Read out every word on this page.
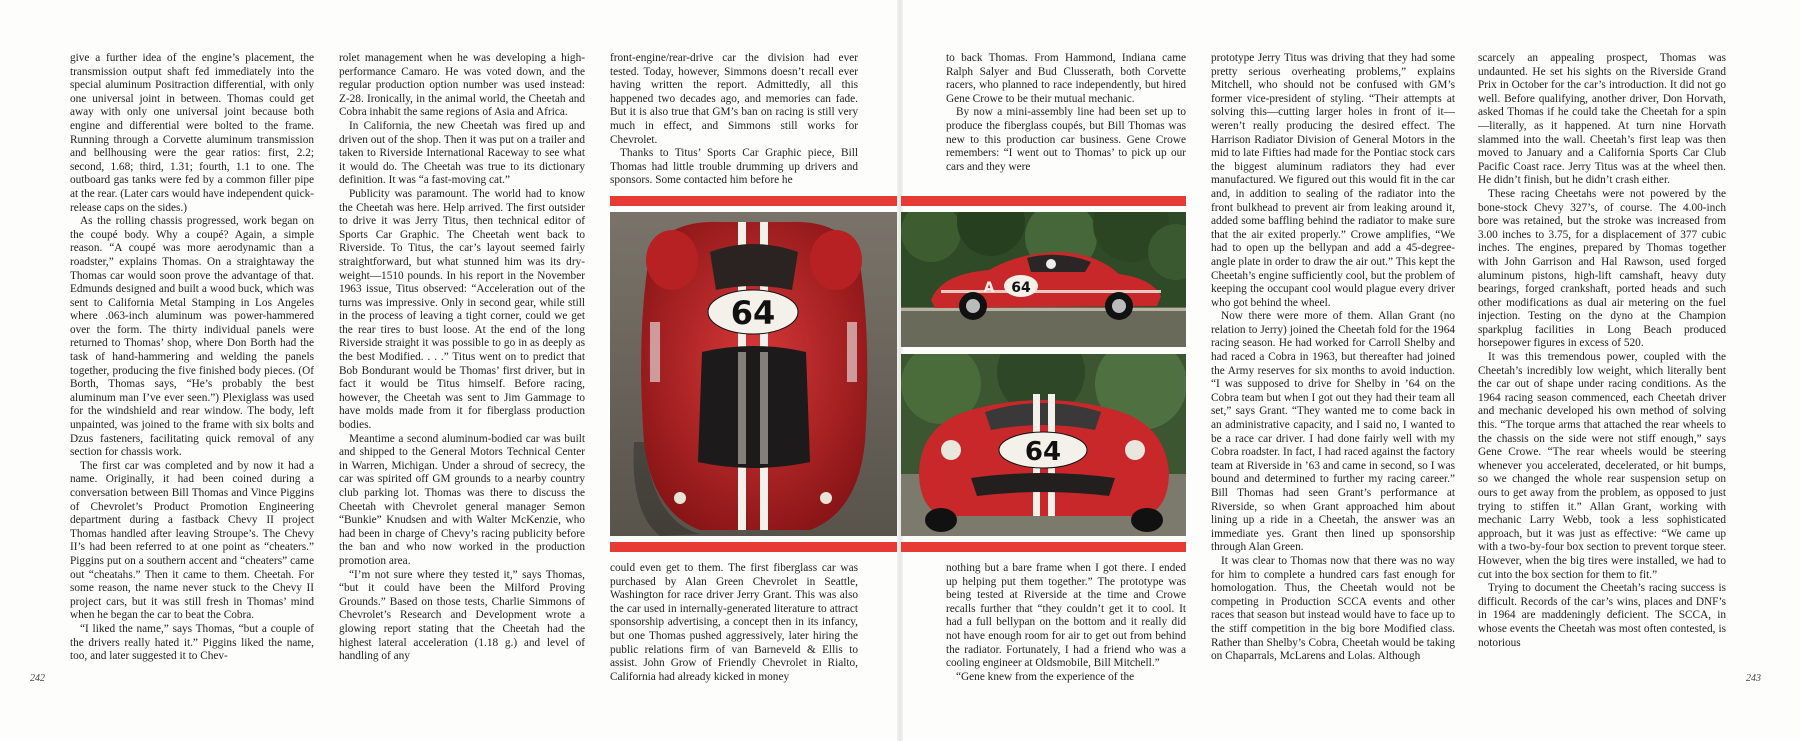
give a further idea of the engine’s placement, the transmission output shaft fed immediately into the special aluminum Positraction differential, with only one universal joint in between. Thomas could get away with only one universal joint because both engine and differential were bolted to the frame. Running through a Corvette aluminum transmission and bellhousing were the gear ratios: first, 2.2; second, 1.68; third, 1.31; fourth, 1.1 to one. The outboard gas tanks were fed by a common filler pipe at the rear. (Later cars would have independent quick-release caps on the sides.)

As the rolling chassis progressed, work began on the coupé body. Why a coupé? Again, a simple reason. “A coupé was more aerodynamic than a roadster,” explains Thomas. On a straightaway the Thomas car would soon prove the advantage of that. Edmunds designed and built a wood buck, which was sent to California Metal Stamping in Los Angeles where .063-inch aluminum was power-hammered over the form. The thirty individual panels were returned to Thomas’ shop, where Don Borth had the task of hand-hammering and welding the panels together, producing the five finished body pieces. (Of Borth, Thomas says, “He’s probably the best aluminum man I’ve ever seen.”) Plexiglass was used for the windshield and rear window. The body, left unpainted, was joined to the frame with six bolts and Dzus fasteners, facilitating quick removal of any section for chassis work.

The first car was completed and by now it had a name. Originally, it had been coined during a conversation between Bill Thomas and Vince Piggins of Chevrolet’s Product Promotion Engineering department during a fastback Chevy II project Thomas handled after leaving Stroupe’s. The Chevy II’s had been referred to at one point as “cheaters.” Piggins put on a southern accent and “cheaters” came out “cheatahs.” Then it came to them. Cheetah. For some reason, the name never stuck to the Chevy II project cars, but it was still fresh in Thomas’ mind when he began the car to beat the Cobra.

“I liked the name,” says Thomas, “but a couple of the drivers really hated it.” Piggins liked the name, too, and later suggested it to Chev-

rolet management when he was developing a high-performance Camaro. He was voted down, and the regular production option number was used instead: Z-28. Ironically, in the animal world, the Cheetah and Cobra inhabit the same regions of Asia and Africa.

In California, the new Cheetah was fired up and driven out of the shop. Then it was put on a trailer and taken to Riverside International Raceway to see what it would do. The Cheetah was true to its dictionary definition. It was “a fast-moving cat.”

Publicity was paramount. The world had to know the Cheetah was here. Help arrived. The first outsider to drive it was Jerry Titus, then technical editor of Sports Car Graphic. The Cheetah went back to Riverside. To Titus, the car’s layout seemed fairly straightforward, but what stunned him was its dry-weight—1510 pounds. In his report in the November 1963 issue, Titus observed: “Acceleration out of the turns was impressive. Only in second gear, while still in the process of leaving a tight corner, could we get the rear tires to bust loose. At the end of the long Riverside straight it was possible to go in as deeply as the best Modified. . . .” Titus went on to predict that Bob Bondurant would be Thomas’ first driver, but in fact it would be Titus himself. Before racing, however, the Cheetah was sent to Jim Gammage to have molds made from it for fiberglass production bodies.

Meantime a second aluminum-bodied car was built and shipped to the General Motors Technical Center in Warren, Michigan. Under a shroud of secrecy, the car was spirited off GM grounds to a nearby country club parking lot. Thomas was there to discuss the Cheetah with Chevrolet general manager Semon “Bunkie” Knudsen and with Walter McKenzie, who had been in charge of Chevy’s racing publicity before the ban and who now worked in the production promotion area.

“I’m not sure where they tested it,” says Thomas, “but it could have been the Milford Proving Grounds.” Based on those tests, Charlie Simmons of Chevrolet’s Research and Development wrote a glowing report stating that the Cheetah had the highest lateral acceleration (1.18 g.) and level of handling of any

front-engine/rear-drive car the division had ever tested. Today, however, Simmons doesn’t recall ever having written the report. Admittedly, all this happened two decades ago, and memories can fade. But it is also true that GM’s ban on racing is still very much in effect, and Simmons still works for Chevrolet.

Thanks to Titus’ Sports Car Graphic piece, Bill Thomas had little trouble drumming up drivers and sponsors. Some contacted him before he

could even get to them. The first fiberglass car was purchased by Alan Green Chevrolet in Seattle, Washington for race driver Jerry Grant. This was also the car used in internally-generated literature to attract sponsorship advertising, a concept then in its infancy, but one Thomas pushed aggressively, later hiring the public relations firm of van Barneveld & Ellis to assist. John Grow of Friendly Chevrolet in Rialto, California had already kicked in money

242

to back Thomas. From Hammond, Indiana came Ralph Salyer and Bud Clusserath, both Corvette racers, who planned to race independently, but hired Gene Crowe to be their mutual mechanic.

By now a mini-assembly line had been set up to produce the fiberglass coupés, but Bill Thomas was new to this production car business. Gene Crowe remembers: “I went out to Thomas’ to pick up our cars and they were

nothing but a bare frame when I got there. I ended up helping put them together.” The prototype was being tested at Riverside at the time and Crowe recalls further that “they couldn’t get it to cool. It had a full bellypan on the bottom and it really did not have enough room for air to get out from behind the radiator. Fortunately, I had a friend who was a cooling engineer at Oldsmobile, Bill Mitchell.”

“Gene knew from the experience of the

prototype Jerry Titus was driving that they had some pretty serious overheating problems,” explains Mitchell, who should not be confused with GM’s former vice-president of styling. “Their attempts at solving this—cutting larger holes in front of it—weren’t really producing the desired effect. The Harrison Radiator Division of General Motors in the mid to late Fifties had made for the Pontiac stock cars the biggest aluminum radiators they had ever manufactured. We figured out this would fit in the car and, in addition to sealing of the radiator into the front bulkhead to prevent air from leaking around it, added some baffling behind the radiator to make sure that the air exited properly.” Crowe amplifies, “We had to open up the bellypan and add a 45-degree-angle plate in order to draw the air out.” This kept the Cheetah’s engine sufficiently cool, but the problem of keeping the occupant cool would plague every driver who got behind the wheel.

Now there were more of them. Allan Grant (no relation to Jerry) joined the Cheetah fold for the 1964 racing season. He had worked for Carroll Shelby and had raced a Cobra in 1963, but thereafter had joined the Army reserves for six months to avoid induction. “I was supposed to drive for Shelby in ’64 on the Cobra team but when I got out they had their team all set,” says Grant. “They wanted me to come back in an administrative capacity, and I said no, I wanted to be a race car driver. I had done fairly well with my Cobra roadster. In fact, I had raced against the factory team at Riverside in ’63 and came in second, so I was bound and determined to further my racing career.” Bill Thomas had seen Grant’s performance at Riverside, so when Grant approached him about lining up a ride in a Cheetah, the answer was an immediate yes. Grant then lined up sponsorship through Alan Green.

It was clear to Thomas now that there was no way for him to complete a hundred cars fast enough for homologation. Thus, the Cheetah would not be competing in Production SCCA events and other races that season but instead would have to face up to the stiff competition in the big bore Modified class. Rather than Shelby’s Cobra, Cheetah would be taking on Chaparrals, McLarens and Lolas. Although

scarcely an appealing prospect, Thomas was undaunted. He set his sights on the Riverside Grand Prix in October for the car’s introduction. It did not go well. Before qualifying, another driver, Don Horvath, asked Thomas if he could take the Cheetah for a spin—literally, as it happened. At turn nine Horvath slammed into the wall. Cheetah’s first leap was then moved to January and a California Sports Car Club Pacific Coast race. Jerry Titus was at the wheel then. He didn’t finish, but he didn’t crash either.

These racing Cheetahs were not powered by the bone-stock Chevy 327’s, of course. The 4.00-inch bore was retained, but the stroke was increased from 3.00 inches to 3.75, for a displacement of 377 cubic inches. The engines, prepared by Thomas together with John Garrison and Hal Rawson, used forged aluminum pistons, high-lift camshaft, heavy duty bearings, forged crankshaft, ported heads and such other modifications as dual air metering on the fuel injection. Testing on the dyno at the Champion sparkplug facilities in Long Beach produced horsepower figures in excess of 520.

It was this tremendous power, coupled with the Cheetah’s incredibly low weight, which literally bent the car out of shape under racing conditions. As the 1964 racing season commenced, each Cheetah driver and mechanic developed his own method of solving this. “The torque arms that attached the rear wheels to the chassis on the side were not stiff enough,” says Gene Crowe. “The rear wheels would be steering whenever you accelerated, decelerated, or hit bumps, so we changed the whole rear suspension setup on ours to get away from the problem, as opposed to just trying to stiffen it.” Allan Grant, working with mechanic Larry Webb, took a less sophisticated approach, but it was just as effective: “We came up with a two-by-four box section to prevent torque steer. However, when the big tires were installed, we had to cut into the box section for them to fit.”

Trying to document the Cheetah’s racing success is difficult. Records of the car’s wins, places and DNF’s in 1964 are maddeningly deficient. The SCCA, in whose events the Cheetah was most often contested, is notorious

243
64
64
A
64
